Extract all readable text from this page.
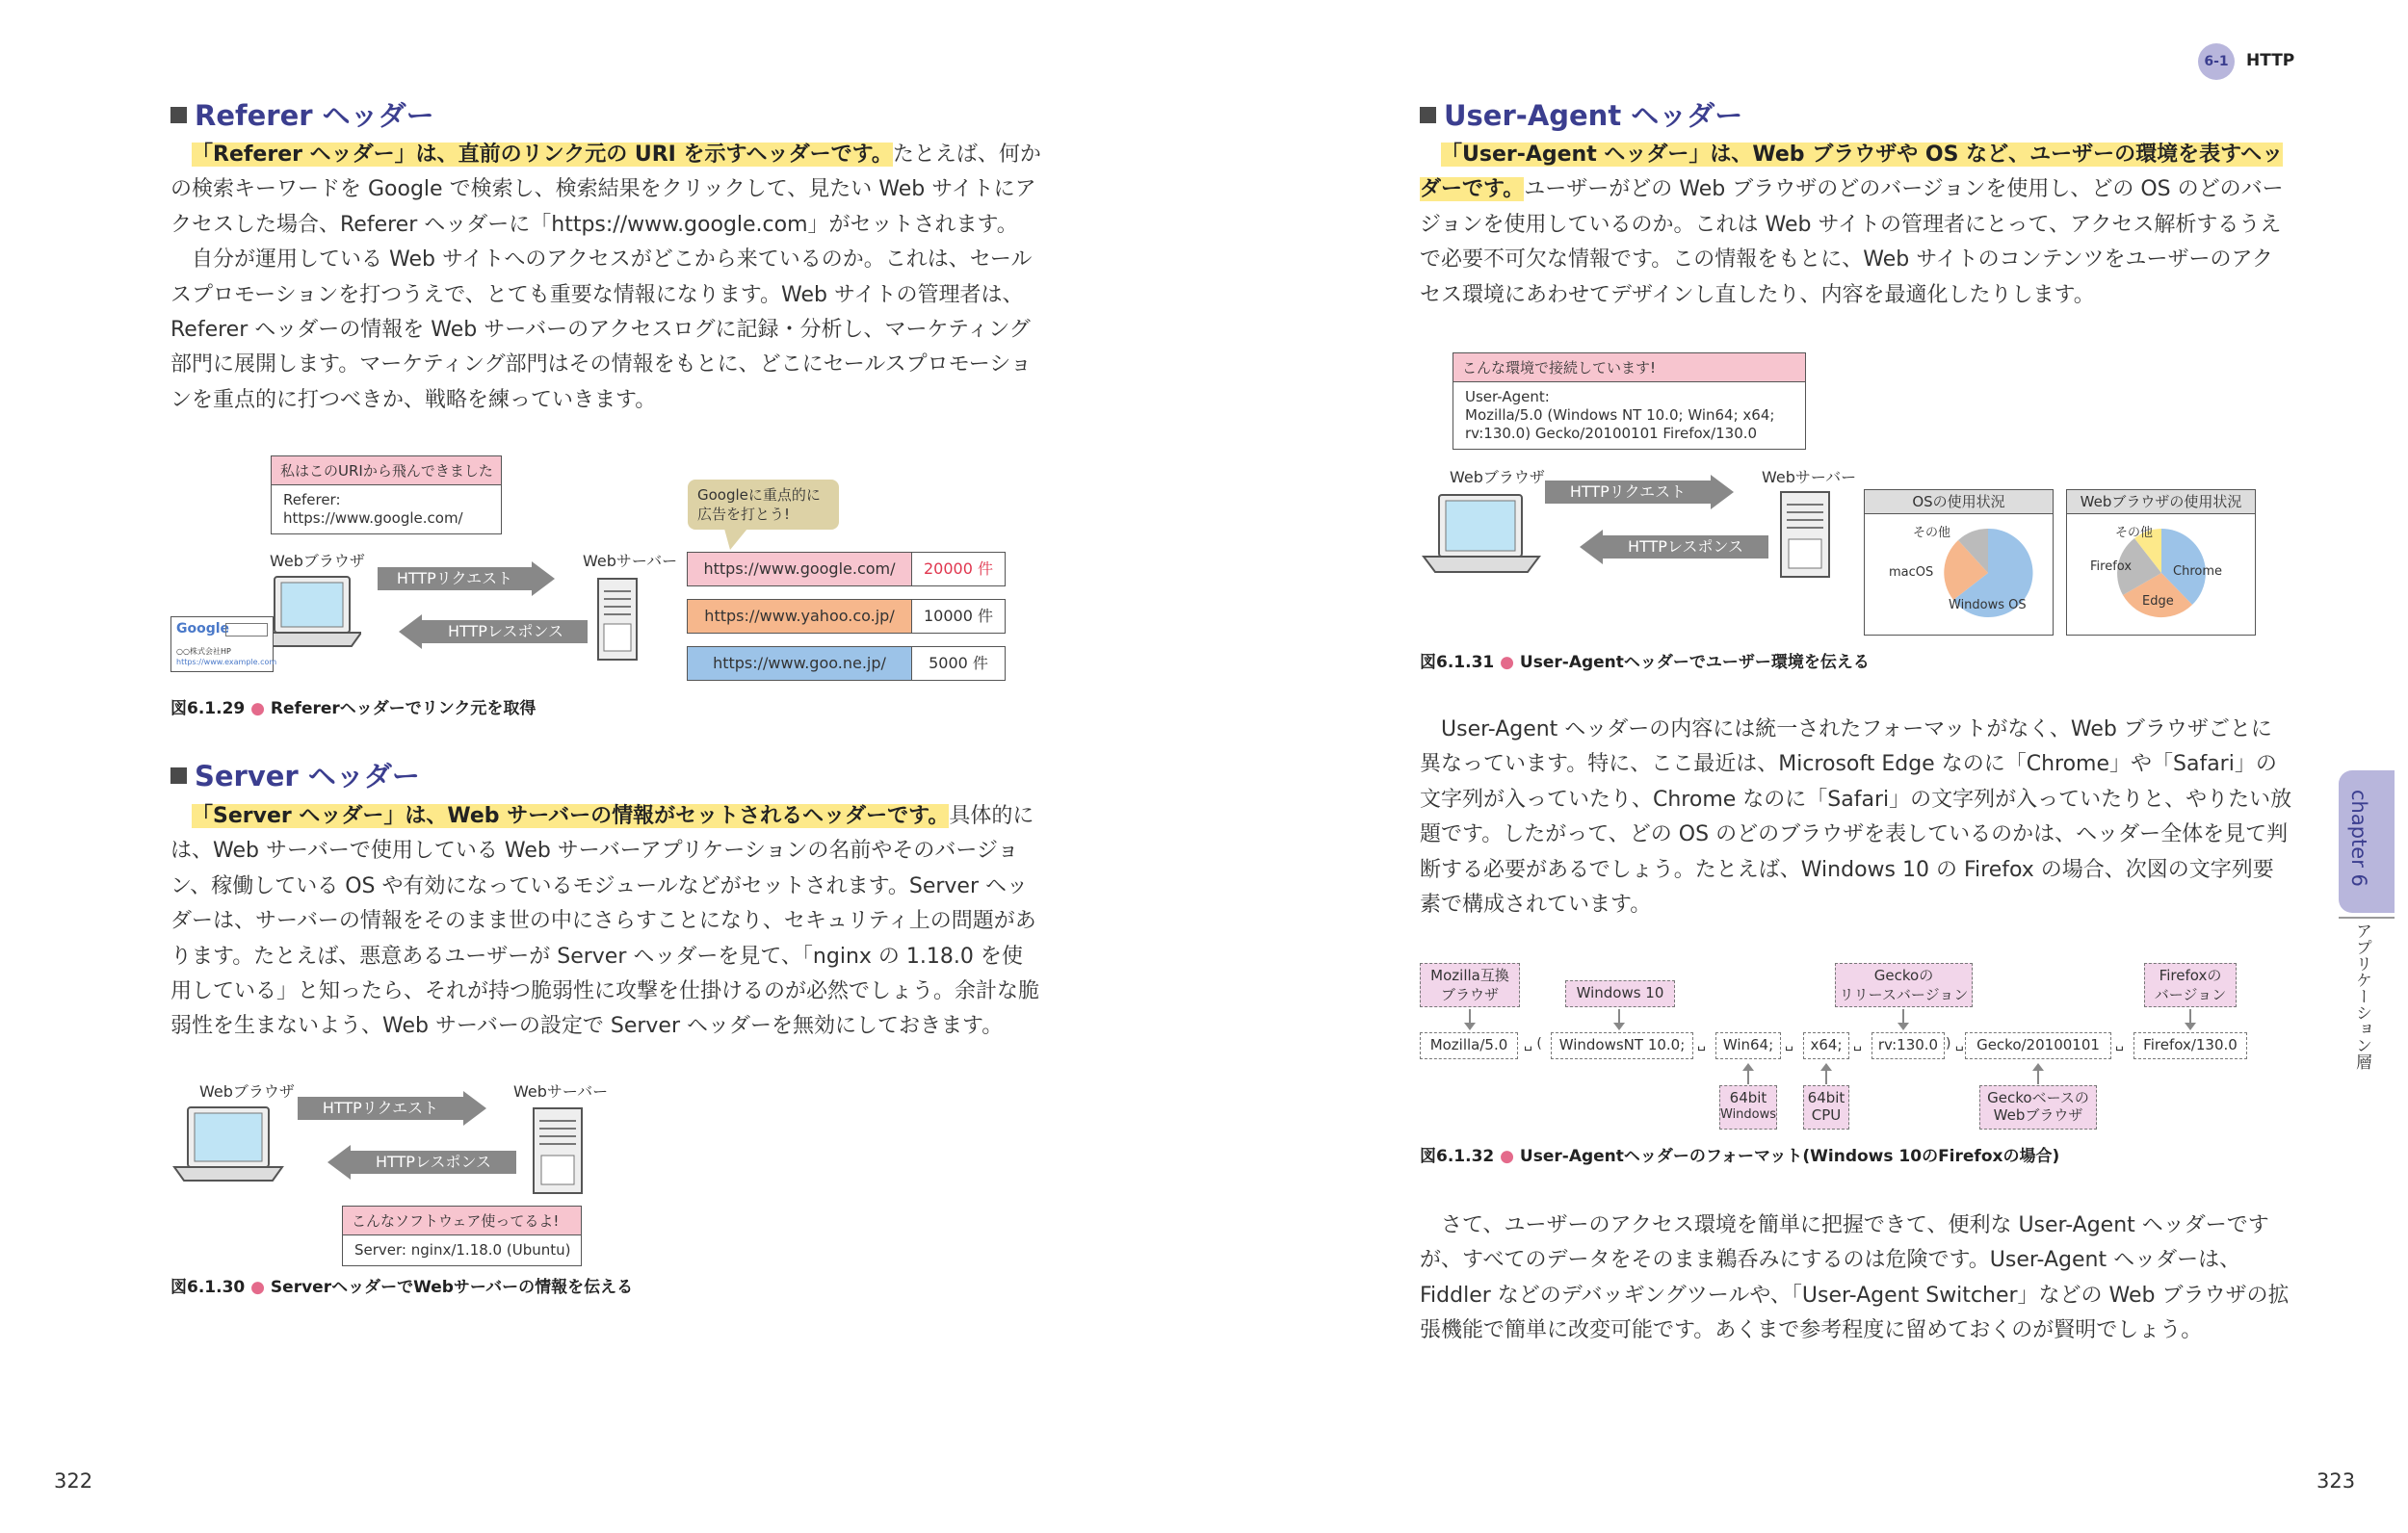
Referer ヘッダー

「Referer ヘッダー」は、直前のリンク元の URI を示すヘッダーです。たとえば、何かの検索キーワードを Google で検索し、検索結果をクリックして、見たい Web サイトにアクセスした場合、Referer ヘッダーに「https://www.google.com」がセットされます。

自分が運用している Web サイトへのアクセスがどこから来ているのか。これは、セールスプロモーションを打つうえで、とても重要な情報になります。Web サイトの管理者は、Referer ヘッダーの情報を Web サーバーのアクセスログに記録・分析し、マーケティング部門に展開します。マーケティング部門はその情報をもとに、どこにセールスプロモーションを重点的に打つべきか、戦略を練っていきます。

私はこのURIから飛んできました
Referer:
https://www.google.com/
Webブラウザ	Webサーバー
Google
○○株式会社HP
https://www.example.com
HTTPリクエスト
HTTPレスポンス
Googleに重点的に
広告を打とう!
https://www.google.com/	20000 件
https://www.yahoo.co.jp/	10000 件
https://www.goo.ne.jp/	5000 件
図6.1.29 ● Refererヘッダーでリンク元を取得
Server ヘッダー

「Server ヘッダー」は、Web サーバーの情報がセットされるヘッダーです。具体的には、Web サーバーで使用している Web サーバーアプリケーションの名前やそのバージョン、稼働している OS や有効になっているモジュールなどがセットされます。Server ヘッダーは、サーバーの情報をそのまま世の中にさらすことになり、セキュリティ上の問題があります。たとえば、悪意あるユーザーが Server ヘッダーを見て、「nginx の 1.18.0 を使用している」と知ったら、それが持つ脆弱性に攻撃を仕掛けるのが必然でしょう。余計な脆弱性を生まないよう、Web サーバーの設定で Server ヘッダーを無効にしておきます。

Webブラウザ	Webサーバー
HTTPリクエスト
HTTPレスポンス
こんなソフトウェア使ってるよ!
Server: nginx/1.18.0 (Ubuntu)
図6.1.30 ● ServerヘッダーでWebサーバーの情報を伝える
322	323
6-1	HTTP
User-Agent ヘッダー

「User-Agent ヘッダー」は、Web ブラウザや OS など、ユーザーの環境を表すヘッダーです。ユーザーがどの Web ブラウザのどのバージョンを使用し、どの OS のどのバージョンを使用しているのか。これは Web サイトの管理者にとって、アクセス解析するうえで必要不可欠な情報です。この情報をもとに、Web サイトのコンテンツをユーザーのアクセス環境にあわせてデザインし直したり、内容を最適化したりします。

こんな環境で接続しています!
User-Agent:
Mozilla/5.0 (Windows NT 10.0; Win64; x64;
rv:130.0) Gecko/20100101 Firefox/130.0
Webブラウザ	Webサーバー
HTTPリクエスト
HTTPレスポンス
OSの使用状況
その他
macOS
Windows OS
Webブラウザの使用状況
その他
Firefox	Chrome
Edge
図6.1.31 ● User-Agentヘッダーでユーザー環境を伝える

User-Agent ヘッダーの内容には統一されたフォーマットがなく、Web ブラウザごとに異なっています。特に、ここ最近は、Microsoft Edge なのに「Chrome」や「Safari」の文字列が入っていたり、Chrome なのに「Safari」の文字列が入っていたりと、やりたい放題です。したがって、どの OS のどのブラウザを表しているのかは、ヘッダー全体を見て判断する必要があるでしょう。たとえば、Windows 10 の Firefox の場合、次図の文字列要素で構成されています。

Mozilla互換
ブラウザ	Windows 10
Geckoの
リリースバージョン
Firefoxの
バージョン
Mozilla/5.0	␣ (	WindowsNT 10.0; ␣	Win64; ␣	x64; ␣	rv:130.0 ) ␣ Gecko/20100101	␣	Firefox/130.0
64bit
Windows
64bit
CPU
Geckoベースの
Webブラウザ
図6.1.32 ● User-Agentヘッダーのフォーマット(Windows 10のFirefoxの場合)

さて、ユーザーのアクセス環境を簡単に把握できて、便利な User-Agent ヘッダーですが、すべてのデータをそのまま鵜呑みにするのは危険です。User-Agent ヘッダーは、Fiddler などのデバッギングツールや、「User-Agent Switcher」などの Web ブラウザの拡張機能で簡単に改変可能です。あくまで参考程度に留めておくのが賢明でしょう。

chapter 6
アプリケーション層
